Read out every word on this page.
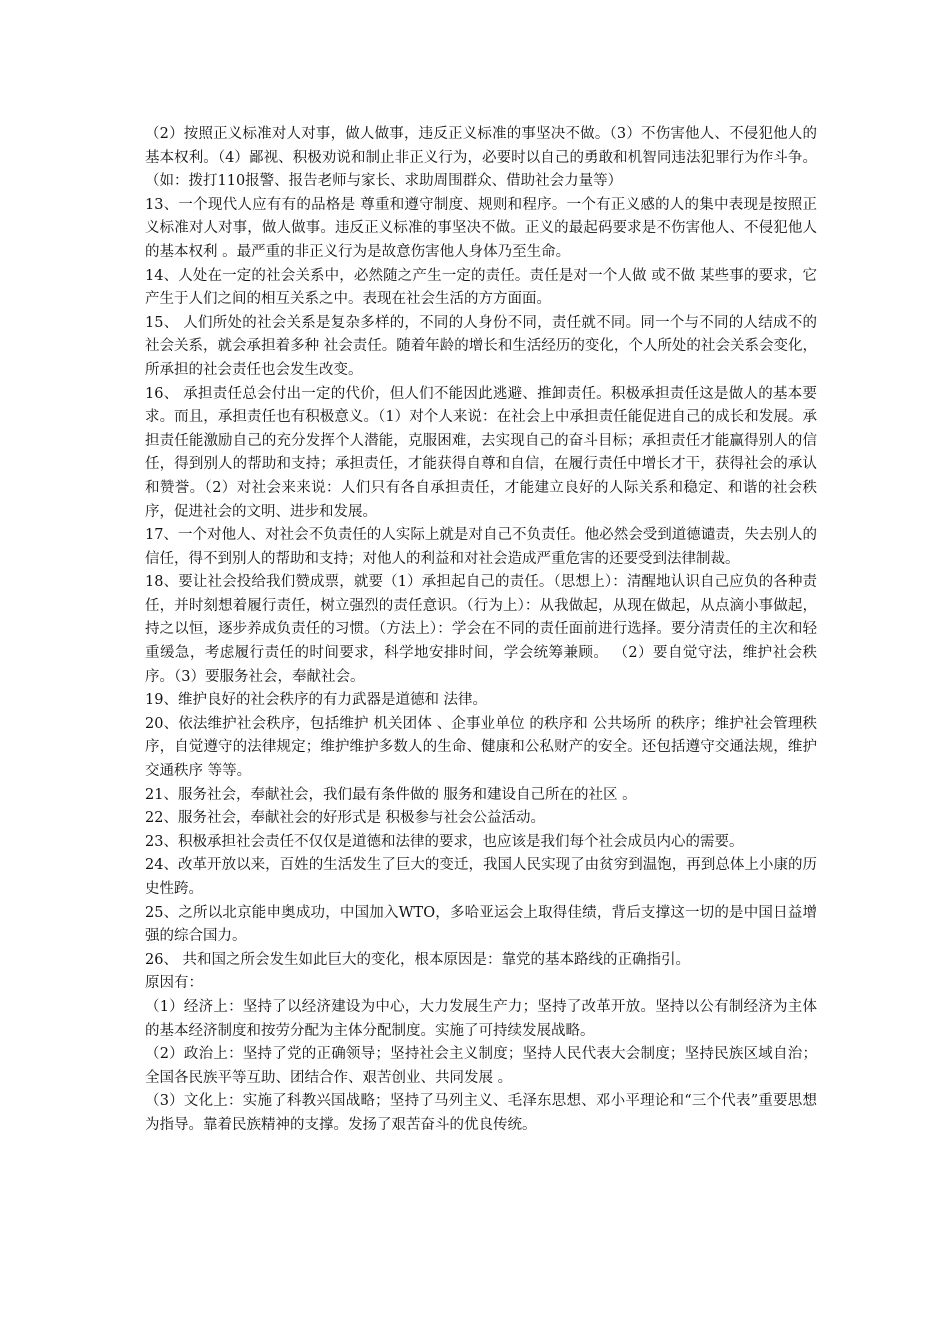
（2）按照正义标准对人对事，做人做事，违反正义标准的事坚决不做。（3）不伤害他人、不侵犯他人的基本权利。（4）鄙视、积极劝说和制止非正义行为，必要时以自己的勇敢和机智同违法犯罪行为作斗争。（如：拨打110报警、报告老师与家长、求助周围群众、借助社会力量等）

13、一个现代人应有有的品格是 尊重和遵守制度、规则和程序。一个有正义感的人的集中表现是按照正义标准对人对事，做人做事。违反正义标准的事坚决不做。正义的最起码要求是不伤害他人、不侵犯他人的基本权利 。最严重的非正义行为是故意伤害他人身体乃至生命。

14、人处在一定的社会关系中，必然随之产生一定的责任。责任是对一个人做 或不做 某些事的要求，它产生于人们之间的相互关系之中。表现在社会生活的方方面面。

15、 人们所处的社会关系是复杂多样的，不同的人身份不同，责任就不同。同一个与不同的人结成不的社会关系，就会承担着多种 社会责任。随着年龄的增长和生活经历的变化，个人所处的社会关系会变化，所承担的社会责任也会发生改变。

16、 承担责任总会付出一定的代价，但人们不能因此逃避、推卸责任。积极承担责任这是做人的基本要求。而且，承担责任也有积极意义。（1）对个人来说：在社会上中承担责任能促进自己的成长和发展。承担责任能激励自己的充分发挥个人潜能，克服困难，去实现自己的奋斗目标；承担责任才能赢得别人的信任，得到别人的帮助和支持；承担责任，才能获得自尊和自信，在履行责任中增长才干，获得社会的承认和赞誉。（2）对社会来来说：人们只有各自承担责任，才能建立良好的人际关系和稳定、和谐的社会秩序，促进社会的文明、进步和发展。

17、一个对他人、对社会不负责任的人实际上就是对自己不负责任。他必然会受到道德谴责，失去别人的信任，得不到别人的帮助和支持；对他人的利益和对社会造成严重危害的还要受到法律制裁。

18、要让社会投给我们赞成票，就要（1）承担起自己的责任。（思想上）：清醒地认识自己应负的各种责任，并时刻想着履行责任，树立强烈的责任意识。（行为上）：从我做起，从现在做起，从点滴小事做起，持之以恒，逐步养成负责任的习惯。（方法上）：学会在不同的责任面前进行选择。要分清责任的主次和轻重缓急，考虑履行责任的时间要求，科学地安排时间，学会统筹兼顾。 （2）要自觉守法，维护社会秩序。（3）要服务社会，奉献社会。

19、维护良好的社会秩序的有力武器是道德和 法律。

20、依法维护社会秩序，包括维护 机关团体 、企事业单位 的秩序和 公共场所 的秩序；维护社会管理秩序，自觉遵守的法律规定；维护维护多数人的生命、健康和公私财产的安全。还包括遵守交通法规，维护交通秩序 等等。

21、服务社会，奉献社会，我们最有条件做的 服务和建设自己所在的社区 。

22、服务社会，奉献社会的好形式是 积极参与社会公益活动。

23、积极承担社会责任不仅仅是道德和法律的要求，也应该是我们每个社会成员内心的需要。

24、改革开放以来，百姓的生活发生了巨大的变迁，我国人民实现了由贫穷到温饱，再到总体上小康的历史性跨。

25、之所以北京能申奥成功，中国加入WTO，多哈亚运会上取得佳绩，背后支撑这一切的是中国日益增强的综合国力。

26、 共和国之所会发生如此巨大的变化，根本原因是：靠党的基本路线的正确指引。

原因有：

（1）经济上：坚持了以经济建设为中心，大力发展生产力；坚持了改革开放。坚持以公有制经济为主体的基本经济制度和按劳分配为主体分配制度。实施了可持续发展战略。

（2）政治上：坚持了党的正确领导；坚持社会主义制度；坚持人民代表大会制度；坚持民族区域自治； 全国各民族平等互助、团结合作、艰苦创业、共同发展 。

（3）文化上：实施了科教兴国战略；坚持了马列主义、毛泽东思想、邓小平理论和“三个代表”重要思想为指导。靠着民族精神的支撑。发扬了艰苦奋斗的优良传统。
